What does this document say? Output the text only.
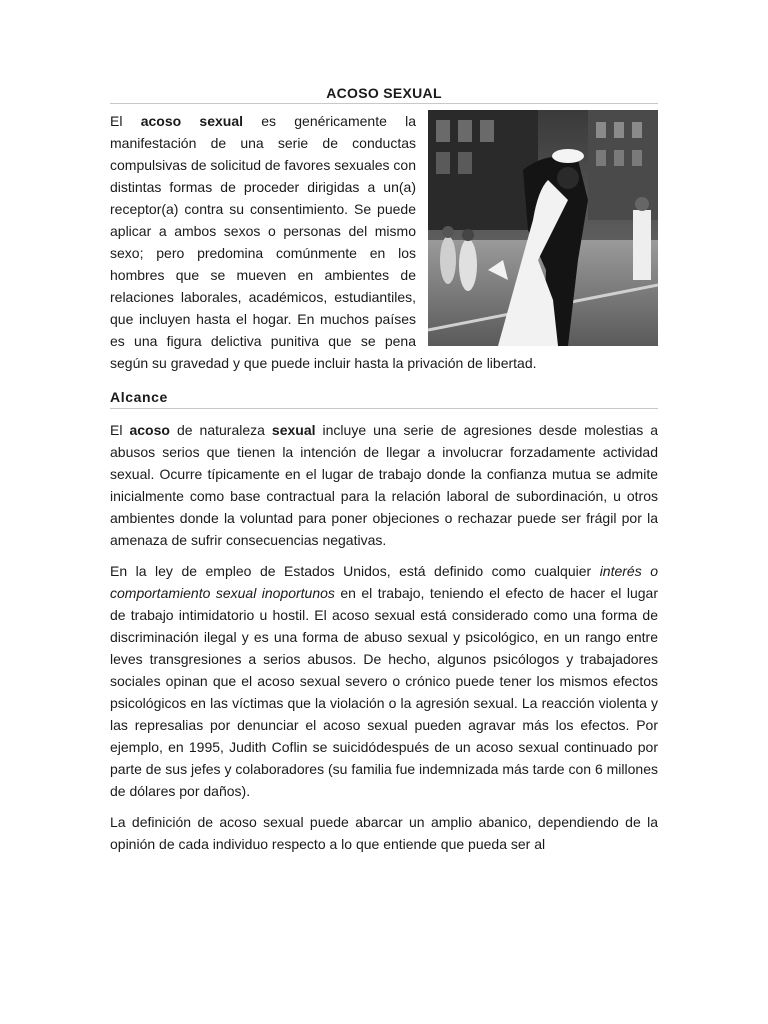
ACOSO SEXUAL

El acoso sexual es genéricamente la manifestación de una serie de conductas compulsivas de solicitud de favores sexuales con distintas formas de proceder dirigidas a un(a) receptor(a) contra su consentimiento. Se puede aplicar a ambos sexos o personas del mismo sexo; pero predomina comúnmente en los hombres que se mueven en ambientes de relaciones laborales, académicos, estudiantiles, que incluyen hasta el hogar. En muchos países es una figura delictiva punitiva que se pena según su gravedad y que puede incluir hasta la privación de libertad.

Alcance

El acoso de naturaleza sexual incluye una serie de agresiones desde molestias a abusos serios que tienen la intención de llegar a involucrar forzadamente actividad sexual. Ocurre típicamente en el lugar de trabajo donde la confianza mutua se admite inicialmente como base contractual para la relación laboral de subordinación, u otros ambientes donde la voluntad para poner objeciones o rechazar puede ser frágil por la amenaza de sufrir consecuencias negativas.

En la ley de empleo de Estados Unidos, está definido como cualquier interés o comportamiento sexual inoportunos en el trabajo, teniendo el efecto de hacer el lugar de trabajo intimidatorio u hostil. El acoso sexual está considerado como una forma de discriminación ilegal y es una forma de abuso sexual y psicológico, en un rango entre leves transgresiones a serios abusos. De hecho, algunos psicólogos y trabajadores sociales opinan que el acoso sexual severo o crónico puede tener los mismos efectos psicológicos en las víctimas que la violación o la agresión sexual. La reacción violenta y las represalias por denunciar el acoso sexual pueden agravar más los efectos. Por ejemplo, en 1995, Judith Coflin se suicidódespués de un acoso sexual continuado por parte de sus jefes y colaboradores (su familia fue indemnizada más tarde con 6 millones de dólares por daños).

La definición de acoso sexual puede abarcar un amplio abanico, dependiendo de la opinión de cada individuo respecto a lo que entiende que pueda ser al
